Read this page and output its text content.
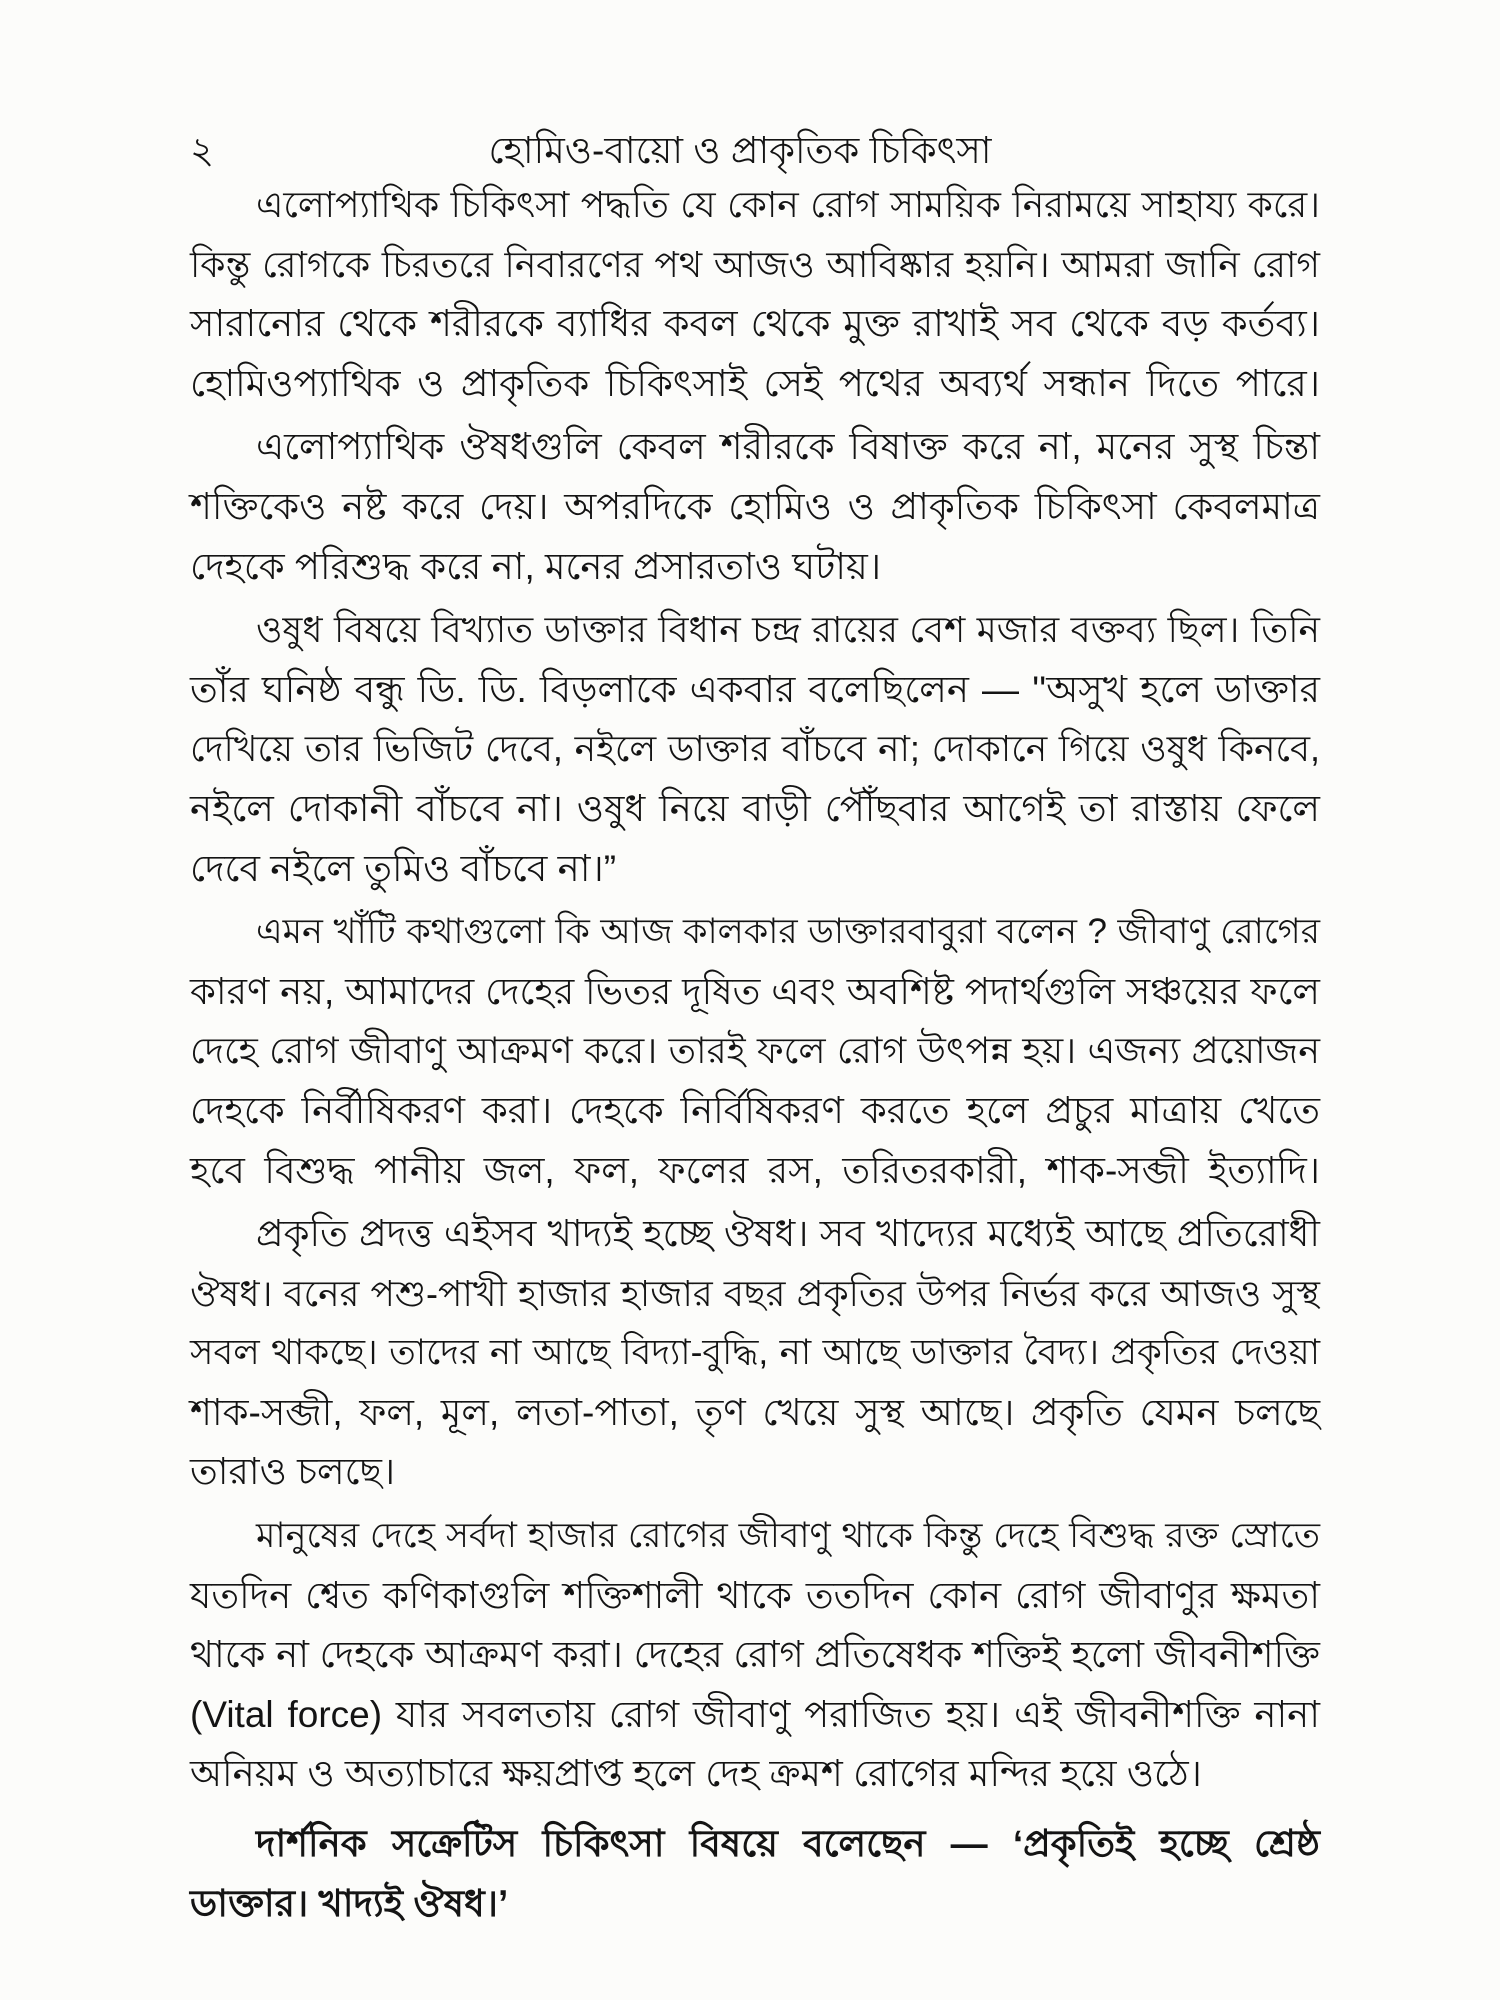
২	হোমিও-বায়ো ও প্রাকৃতিক চিকিৎসা
এলোপ্যাথিক চিকিৎসা পদ্ধতি যে কোন রোগ সাময়িক নিরাময়ে সাহায্য করে।
কিন্তু রোগকে চিরতরে নিবারণের পথ আজও আবিষ্কার হয়নি। আমরা জানি রোগ
সারানোর থেকে শরীরকে ব্যাধির কবল থেকে মুক্ত রাখাই সব থেকে বড় কর্তব্য।
হোমিওপ্যাথিক ও প্রাকৃতিক চিকিৎসাই সেই পথের অব্যর্থ সন্ধান দিতে পারে।
এলোপ্যাথিক ঔষধগুলি কেবল শরীরকে বিষাক্ত করে না, মনের সুস্থ চিন্তা
শক্তিকেও নষ্ট করে দেয়। অপরদিকে হোমিও ও প্রাকৃতিক চিকিৎসা কেবলমাত্র
দেহকে পরিশুদ্ধ করে না, মনের প্রসারতাও ঘটায়।
ওষুধ বিষয়ে বিখ্যাত ডাক্তার বিধান চন্দ্র রায়ের বেশ মজার বক্তব্য ছিল। তিনি
তাঁর ঘনিষ্ঠ বন্ধু ডি. ডি. বিড়লাকে একবার বলেছিলেন — ''অসুখ হলে ডাক্তার
দেখিয়ে তার ভিজিট দেবে, নইলে ডাক্তার বাঁচবে না; দোকানে গিয়ে ওষুধ কিনবে,
নইলে দোকানী বাঁচবে না। ওষুধ নিয়ে বাড়ী পৌঁছবার আগেই তা রাস্তায় ফেলে
দেবে নইলে তুমিও বাঁচবে না।”
এমন খাঁটি কথাগুলো কি আজ কালকার ডাক্তারবাবুরা বলেন ? জীবাণু রোগের
কারণ নয়, আমাদের দেহের ভিতর দূষিত এবং অবশিষ্ট পদার্থগুলি সঞ্চয়ের ফলে
দেহে রোগ জীবাণু আক্রমণ করে। তারই ফলে রোগ উৎপন্ন হয়। এজন্য প্রয়োজন
দেহকে নির্বীষিকরণ করা। দেহকে নির্বিষিকরণ করতে হলে প্রচুর মাত্রায় খেতে
হবে বিশুদ্ধ পানীয় জল, ফল, ফলের রস, তরিতরকারী, শাক-সব্জী ইত্যাদি।
প্রকৃতি প্রদত্ত এইসব খাদ্যই হচ্ছে ঔষধ। সব খাদ্যের মধ্যেই আছে প্রতিরোধী
ঔষধ। বনের পশু-পাখী হাজার হাজার বছর প্রকৃতির উপর নির্ভর করে আজও সুস্থ
সবল থাকছে। তাদের না আছে বিদ্যা-বুদ্ধি, না আছে ডাক্তার বৈদ্য। প্রকৃতির দেওয়া
শাক-সব্জী, ফল, মূল, লতা-পাতা, তৃণ খেয়ে সুস্থ আছে। প্রকৃতি যেমন চলছে
তারাও চলছে।
মানুষের দেহে সর্বদা হাজার রোগের জীবাণু থাকে কিন্তু দেহে বিশুদ্ধ রক্ত স্রোতে
যতদিন শ্বেত কণিকাগুলি শক্তিশালী থাকে ততদিন কোন রোগ জীবাণুর ক্ষমতা
থাকে না দেহকে আক্রমণ করা। দেহের রোগ প্রতিষেধক শক্তিই হলো জীবনীশক্তি
(Vital force) যার সবলতায় রোগ জীবাণু পরাজিত হয়। এই জীবনীশক্তি নানা
অনিয়ম ও অত্যাচারে ক্ষয়প্রাপ্ত হলে দেহ ক্রমশ রোগের মন্দির হয়ে ওঠে।
দার্শনিক সক্রেটিস চিকিৎসা বিষয়ে বলেছেন — ‘প্রকৃতিই হচ্ছে শ্রেষ্ঠ
ডাক্তার। খাদ্যই ঔষধ।’
